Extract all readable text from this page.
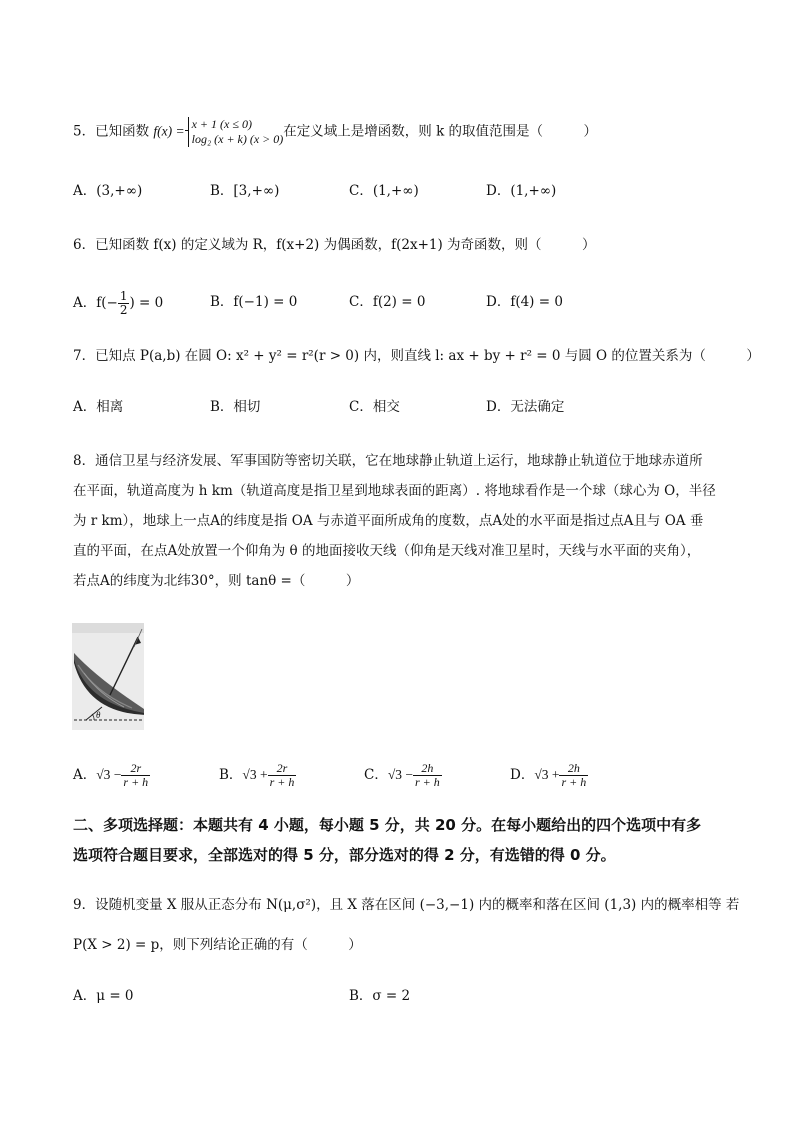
5．已知函数 f(x) = x + 1 (x ≤ 0)
log₂ (x + k) (x > 0) 在定义域上是增函数，则 k 的取值范围是（　　　）
A．(3,+∞)	B．[3,+∞)	C．(1,+∞)	D．(1,+∞)
6．已知函数 f(x) 的定义域为 R，f(x+2) 为偶函数，f(2x+1) 为奇函数，则（　　　）
A．$f(- \frac{1}{2}$ ) = 0	B．f(−1) = 0	C．f(2) = 0	D．f(4) = 0
7．已知点 P(a,b) 在圆 O: x² + y² = r²(r > 0) 内，则直线 l: ax + by + r² = 0 与圆 O 的位置关系为（　　　）
A．相离	B．相切	C．相交	D．无法确定
8．通信卫星与经济发展、军事国防等密切关联，它在地球静止轨道上运行，地球静止轨道位于地球赤道所
在平面，轨道高度为 h km（轨道高度是指卫星到地球表面的距离）. 将地球看作是一个球（球心为 O，半径
为 r km），地球上一点A的纬度是指 OA 与赤道平面所成角的度数，点A处的水平面是指过点A且与 OA 垂
直的平面，在点A处放置一个仰角为 θ 的地面接收天线（仰角是天线对准卫星时，天线与水平面的夹角），
若点A的纬度为北纬30°，则 tanθ =（　　　）
θ
A．$√3 - \frac{2r}{r + h}$	B．$√3 + \frac{2r}{r + h}$	C．$√3 - \frac{2h}{r + h}$	D．$√3 + \frac{2h}{r + h}$
二、多项选择题：本题共有 4 小题，每小题 5 分，共 20 分。在每小题给出的四个选项中有多
选项符合题目要求，全部选对的得 5 分，部分选对的得 2 分，有选错的得 0 分。
9．设随机变量 X 服从正态分布 N(μ,σ²)，且 X 落在区间 (−3,−1) 内的概率和落在区间 (1,3) 内的概率相等 若
P(X > 2) = p，则下列结论正确的有（　　　）
A．μ = 0	B．σ = 2
